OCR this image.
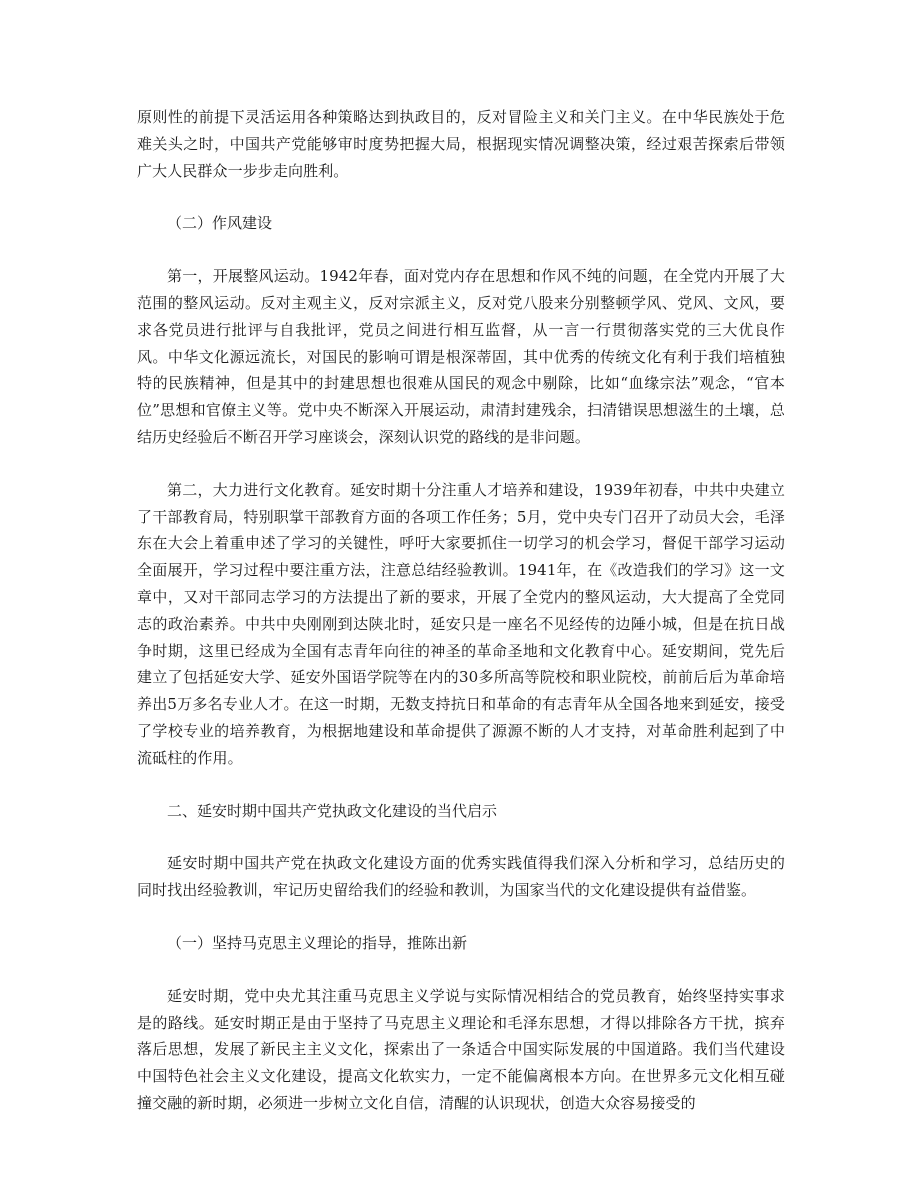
原则性的前提下灵活运用各种策略达到执政目的，反对冒险主义和关门主义。在中华民族处于危难关头之时，中国共产党能够审时度势把握大局，根据现实情况调整决策，经过艰苦探索后带领广大人民群众一步步走向胜利。

（二）作风建设

第一，开展整风运动。1942年春，面对党内存在思想和作风不纯的问题，在全党内开展了大范围的整风运动。反对主观主义，反对宗派主义，反对党八股来分别整顿学风、党风、文风，要求各党员进行批评与自我批评，党员之间进行相互监督，从一言一行贯彻落实党的三大优良作风。中华文化源远流长，对国民的影响可谓是根深蒂固，其中优秀的传统文化有利于我们培植独特的民族精神，但是其中的封建思想也很难从国民的观念中剔除，比如“血缘宗法”观念，“官本位”思想和官僚主义等。党中央不断深入开展运动，肃清封建残余，扫清错误思想滋生的土壤，总结历史经验后不断召开学习座谈会，深刻认识党的路线的是非问题。

第二，大力进行文化教育。延安时期十分注重人才培养和建设，1939年初春，中共中央建立了干部教育局，特别职掌干部教育方面的各项工作任务；5月，党中央专门召开了动员大会，毛泽东在大会上着重申述了学习的关键性，呼吁大家要抓住一切学习的机会学习，督促干部学习运动全面展开，学习过程中要注重方法，注意总结经验教训。1941年，在《改造我们的学习》这一文章中，又对干部同志学习的方法提出了新的要求，开展了全党内的整风运动，大大提高了全党同志的政治素养。中共中央刚刚到达陕北时，延安只是一座名不见经传的边陲小城，但是在抗日战争时期，这里已经成为全国有志青年向往的神圣的革命圣地和文化教育中心。延安期间，党先后建立了包括延安大学、延安外国语学院等在内的30多所高等院校和职业院校，前前后后为革命培养出5万多名专业人才。在这一时期，无数支持抗日和革命的有志青年从全国各地来到延安，接受了学校专业的培养教育，为根据地建设和革命提供了源源不断的人才支持，对革命胜利起到了中流砥柱的作用。

二、延安时期中国共产党执政文化建设的当代启示

延安时期中国共产党在执政文化建设方面的优秀实践值得我们深入分析和学习，总结历史的同时找出经验教训，牢记历史留给我们的经验和教训，为国家当代的文化建设提供有益借鉴。

（一）坚持马克思主义理论的指导，推陈出新

延安时期，党中央尤其注重马克思主义学说与实际情况相结合的党员教育，始终坚持实事求是的路线。延安时期正是由于坚持了马克思主义理论和毛泽东思想，才得以排除各方干扰，摈弃落后思想，发展了新民主主义文化，探索出了一条适合中国实际发展的中国道路。我们当代建设中国特色社会主义文化建设，提高文化软实力，一定不能偏离根本方向。在世界多元文化相互碰撞交融的新时期，必须进一步树立文化自信，清醒的认识现状，创造大众容易接受的
